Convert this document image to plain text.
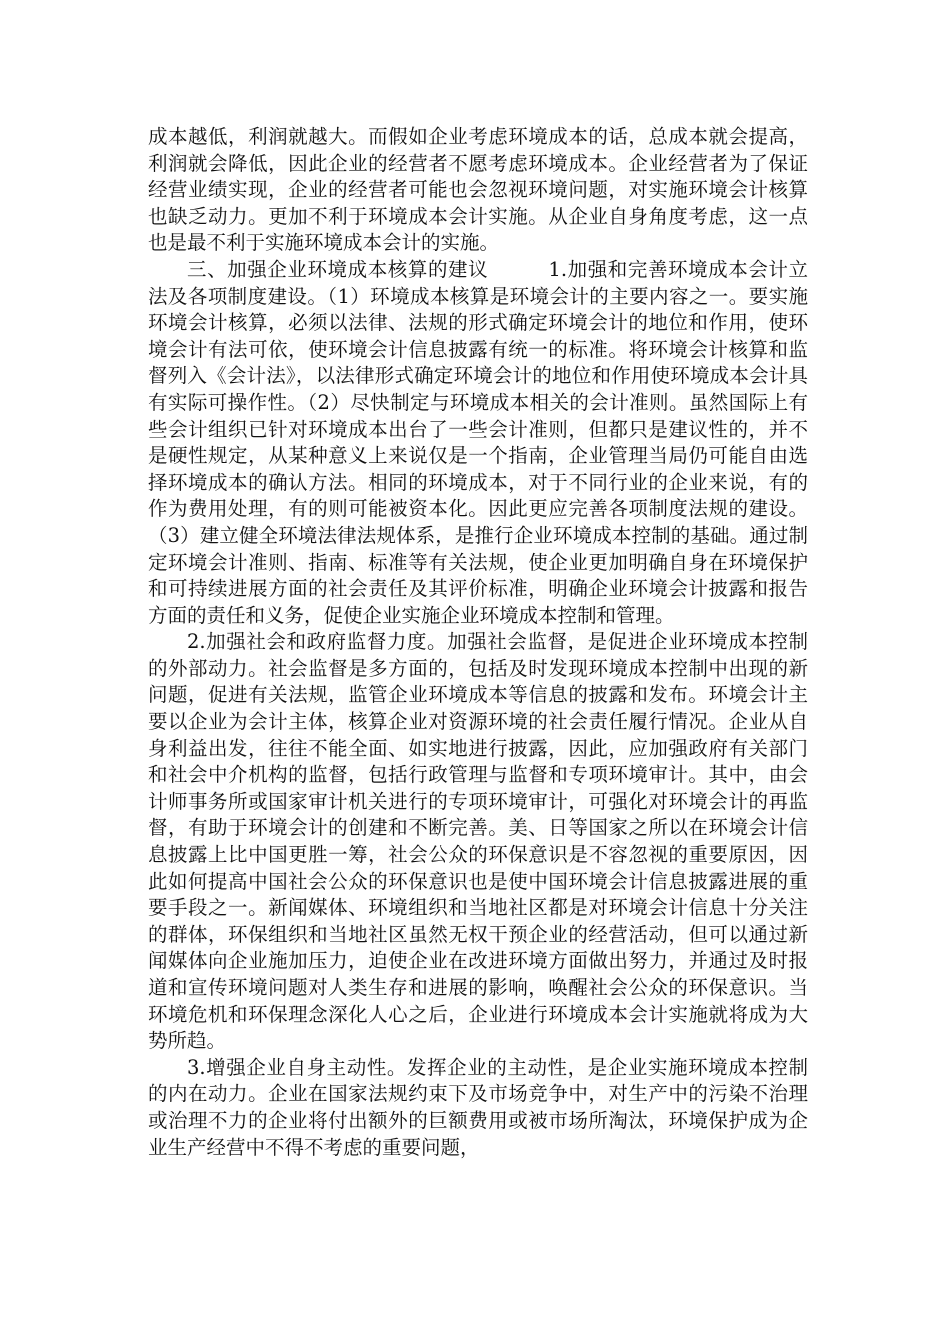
成本越低，利润就越大。而假如企业考虑环境成本的话，总成本就会提高，利润就会降低，因此企业的经营者不愿考虑环境成本。企业经营者为了保证经营业绩实现，企业的经营者可能也会忽视环境问题，对实施环境会计核算也缺乏动力。更加不利于环境成本会计实施。从企业自身角度考虑，这一点也是最不利于实施环境成本会计的实施。

三、加强企业环境成本核算的建议　　　1.加强和完善环境成本会计立法及各项制度建设。（1）环境成本核算是环境会计的主要内容之一。要实施环境会计核算，必须以法律、法规的形式确定环境会计的地位和作用，使环境会计有法可依，使环境会计信息披露有统一的标准。将环境会计核算和监督列入《会计法》，以法律形式确定环境会计的地位和作用使环境成本会计具有实际可操作性。（2）尽快制定与环境成本相关的会计准则。虽然国际上有些会计组织已针对环境成本出台了一些会计准则，但都只是建议性的，并不是硬性规定，从某种意义上来说仅是一个指南，企业管理当局仍可能自由选择环境成本的确认方法。相同的环境成本，对于不同行业的企业来说，有的作为费用处理，有的则可能被资本化。因此更应完善各项制度法规的建设。（3）建立健全环境法律法规体系，是推行企业环境成本控制的基础。通过制定环境会计准则、指南、标准等有关法规，使企业更加明确自身在环境保护和可持续进展方面的社会责任及其评价标准，明确企业环境会计披露和报告方面的责任和义务，促使企业实施企业环境成本控制和管理。

2.加强社会和政府监督力度。加强社会监督，是促进企业环境成本控制的外部动力。社会监督是多方面的，包括及时发现环境成本控制中出现的新问题，促进有关法规，监管企业环境成本等信息的披露和发布。环境会计主要以企业为会计主体，核算企业对资源环境的社会责任履行情况。企业从自身利益出发，往往不能全面、如实地进行披露，因此，应加强政府有关部门和社会中介机构的监督，包括行政管理与监督和专项环境审计。其中，由会计师事务所或国家审计机关进行的专项环境审计，可强化对环境会计的再监督，有助于环境会计的创建和不断完善。美、日等国家之所以在环境会计信息披露上比中国更胜一筹，社会公众的环保意识是不容忽视的重要原因，因此如何提高中国社会公众的环保意识也是使中国环境会计信息披露进展的重要手段之一。新闻媒体、环境组织和当地社区都是对环境会计信息十分关注的群体，环保组织和当地社区虽然无权干预企业的经营活动，但可以通过新闻媒体向企业施加压力，迫使企业在改进环境方面做出努力，并通过及时报道和宣传环境问题对人类生存和进展的影响，唤醒社会公众的环保意识。当环境危机和环保理念深化人心之后，企业进行环境成本会计实施就将成为大势所趋。

3.增强企业自身主动性。发挥企业的主动性，是企业实施环境成本控制的内在动力。企业在国家法规约束下及市场竞争中，对生产中的污染不治理或治理不力的企业将付出额外的巨额费用或被市场所淘汰，环境保护成为企业生产经营中不得不考虑的重要问题，
